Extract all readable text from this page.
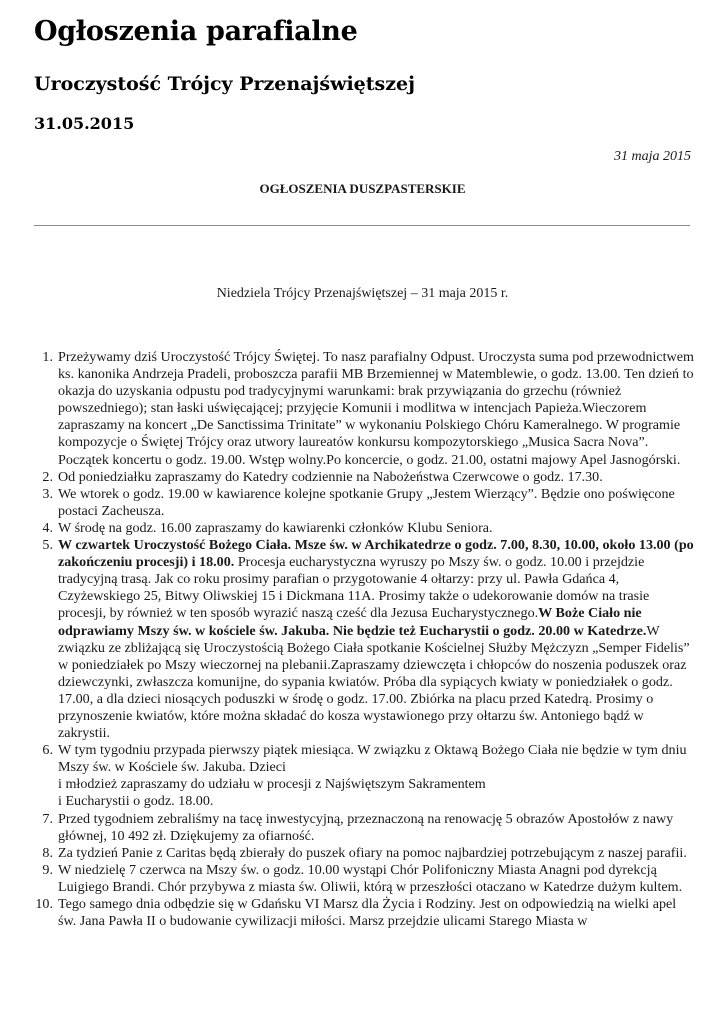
Ogłoszenia parafialne
Uroczystość Trójcy Przenajświętszej
31.05.2015
31 maja 2015
OGŁOSZENIA DUSZPASTERSKIE
Niedziela Trójcy Przenajświętszej – 31 maja 2015 r.
1. Przeżywamy dziś Uroczystość Trójcy Świętej. To nasz parafialny Odpust. Uroczysta suma pod przewodnictwem ks. kanonika Andrzeja Pradeli, proboszcza parafii MB Brzemiennej w Matemblewie, o godz. 13.00. Ten dzień to okazja do uzyskania odpustu pod tradycyjnymi warunkami: brak przywiązania do grzechu (również powszedniego); stan łaski uświęcającej; przyjęcie Komunii i modlitwa w intencjach Papieża.Wieczorem zapraszamy na koncert „De Sanctissima Trinitate” w wykonaniu Polskiego Chóru Kameralnego. W programie kompozycje o Świętej Trójcy oraz utwory laureatów konkursu kompozytorskiego „Musica Sacra Nova”. Początek koncertu o godz. 19.00. Wstęp wolny.Po koncercie, o godz. 21.00, ostatni majowy Apel Jasnogórski.
2. Od poniedziałku zapraszamy do Katedry codziennie na Nabożeństwa Czerwcowe o godz. 17.30.
3. We wtorek o godz. 19.00 w kawiarence kolejne spotkanie Grupy „Jestem Wierzący”. Będzie ono poświęcone postaci Zacheusza.
4. W środę na godz. 16.00 zapraszamy do kawiarenki członków Klubu Seniora.
5. W czwartek Uroczystość Bożego Ciała. Msze św. w Archikatedrze o godz. 7.00, 8.30, 10.00, około 13.00 (po zakończeniu procesji) i 18.00. Procesja eucharystyczna wyruszy po Mszy św. o godz. 10.00 i przejdzie tradycyjną trasą. Jak co roku prosimy parafian o przygotowanie 4 ołtarzy: przy ul. Pawła Gdańca 4, Czyżewskiego 25, Bitwy Oliwskiej 15 i Dickmana 11A. Prosimy także o udekorowanie domów na trasie procesji, by również w ten sposób wyrazić naszą cześć dla Jezusa Eucharystycznego.W Boże Ciało nie odprawiamy Mszy św. w kościele św. Jakuba. Nie będzie też Eucharystii o godz. 20.00 w Katedrze.W związku ze zbliżającą się Uroczystością Bożego Ciała spotkanie Kościelnej Służby Mężczyzn „Semper Fidelis” w poniedziałek po Mszy wieczornej na plebanii.Zapraszamy dziewczęta i chłopców do noszenia poduszek oraz dziewczynki, zwłaszcza komunijne, do sypania kwiatów. Próba dla sypiących kwiaty w poniedziałek o godz. 17.00, a dla dzieci niosących poduszki w środę o godz. 17.00. Zbiórka na placu przed Katedrą. Prosimy o przynoszenie kwiatów, które można składać do kosza wystawionego przy ołtarzu św. Antoniego bądź w zakrystii.
6. W tym tygodniu przypada pierwszy piątek miesiąca. W związku z Oktawą Bożego Ciała nie będzie w tym dniu Mszy św. w Kościele św. Jakuba. Dzieci
i młodzież zapraszamy do udziału w procesji z Najświętszym Sakramentem
i Eucharystii o godz. 18.00.
7. Przed tygodniem zebraliśmy na tacę inwestycyjną, przeznaczoną na renowację 5 obrazów Apostołów z nawy głównej, 10 492 zł. Dziękujemy za ofiarność.
8. Za tydzień Panie z Caritas będą zbierały do puszek ofiary na pomoc najbardziej potrzebującym z naszej parafii.
9. W niedzielę 7 czerwca na Mszy św. o godz. 10.00 wystąpi Chór Polifoniczny Miasta Anagni pod dyrekcją Luigiego Brandi. Chór przybywa z miasta św. Oliwii, którą w przeszłości otaczano w Katedrze dużym kultem.
10. Tego samego dnia odbędzie się w Gdańsku VI Marsz dla Życia i Rodziny. Jest on odpowiedzią na wielki apel św. Jana Pawła II o budowanie cywilizacji miłości. Marsz przejdzie ulicami Starego Miasta w
